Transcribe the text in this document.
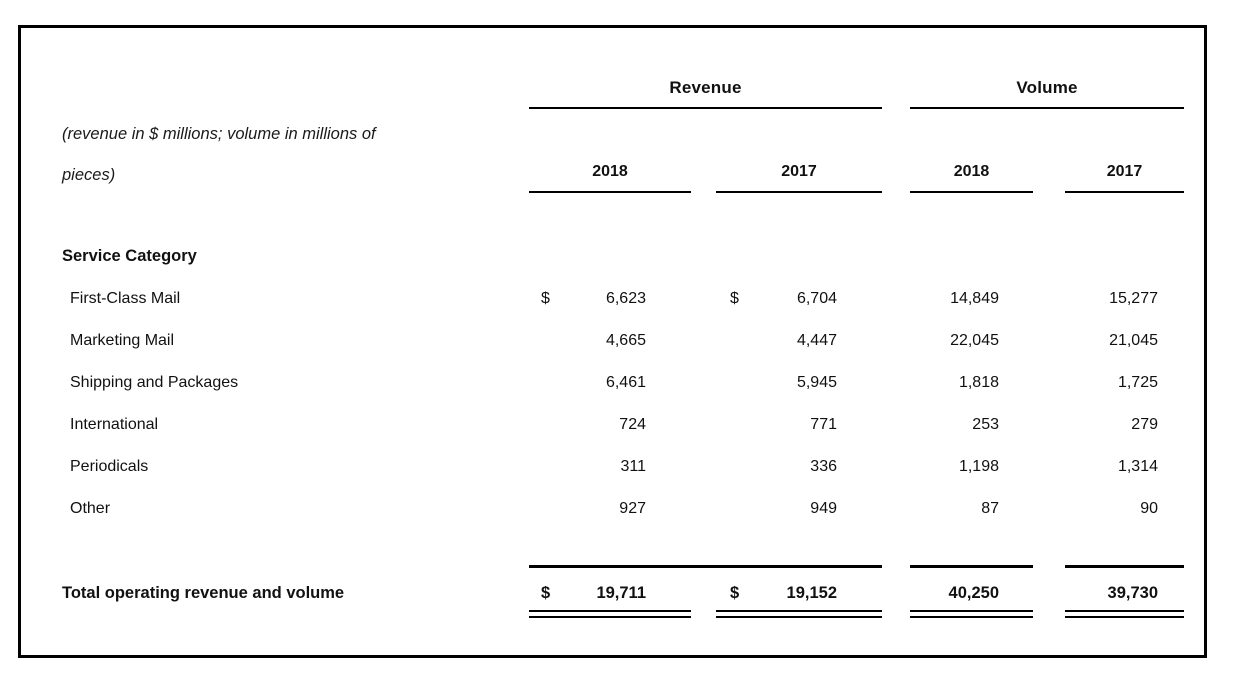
Revenue	Volume
(revenue in $ millions; volume in millions of
pieces)	2018	2017	2018	2017
Service Category
First-Class Mail	$	6,623	$	6,704	14,849	15,277
Marketing Mail	4,665	4,447	22,045	21,045
Shipping and Packages	6,461	5,945	1,818	1,725
International	724	771	253	279
Periodicals	311	336	1,198	1,314
Other	927	949	87	90
Total operating revenue and volume	$	19,711	$	19,152	40,250	39,730
